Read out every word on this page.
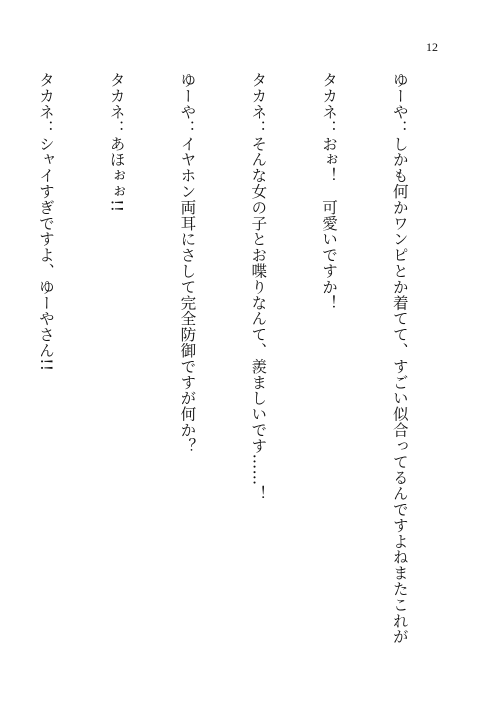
12

ゆーや：しかも何かワンピとか着てて、すごい似合ってるんですよねまたこれが

タカネ：おぉ！　可愛いですか！

タカネ：そんな女の子とお喋りなんて、羨ましいです……！

ゆーや：イヤホン両耳にさして完全防御ですが何か？

タカネ：あほぉぉ!!

タカネ：シャイすぎですよ、ゆーやさん!!
